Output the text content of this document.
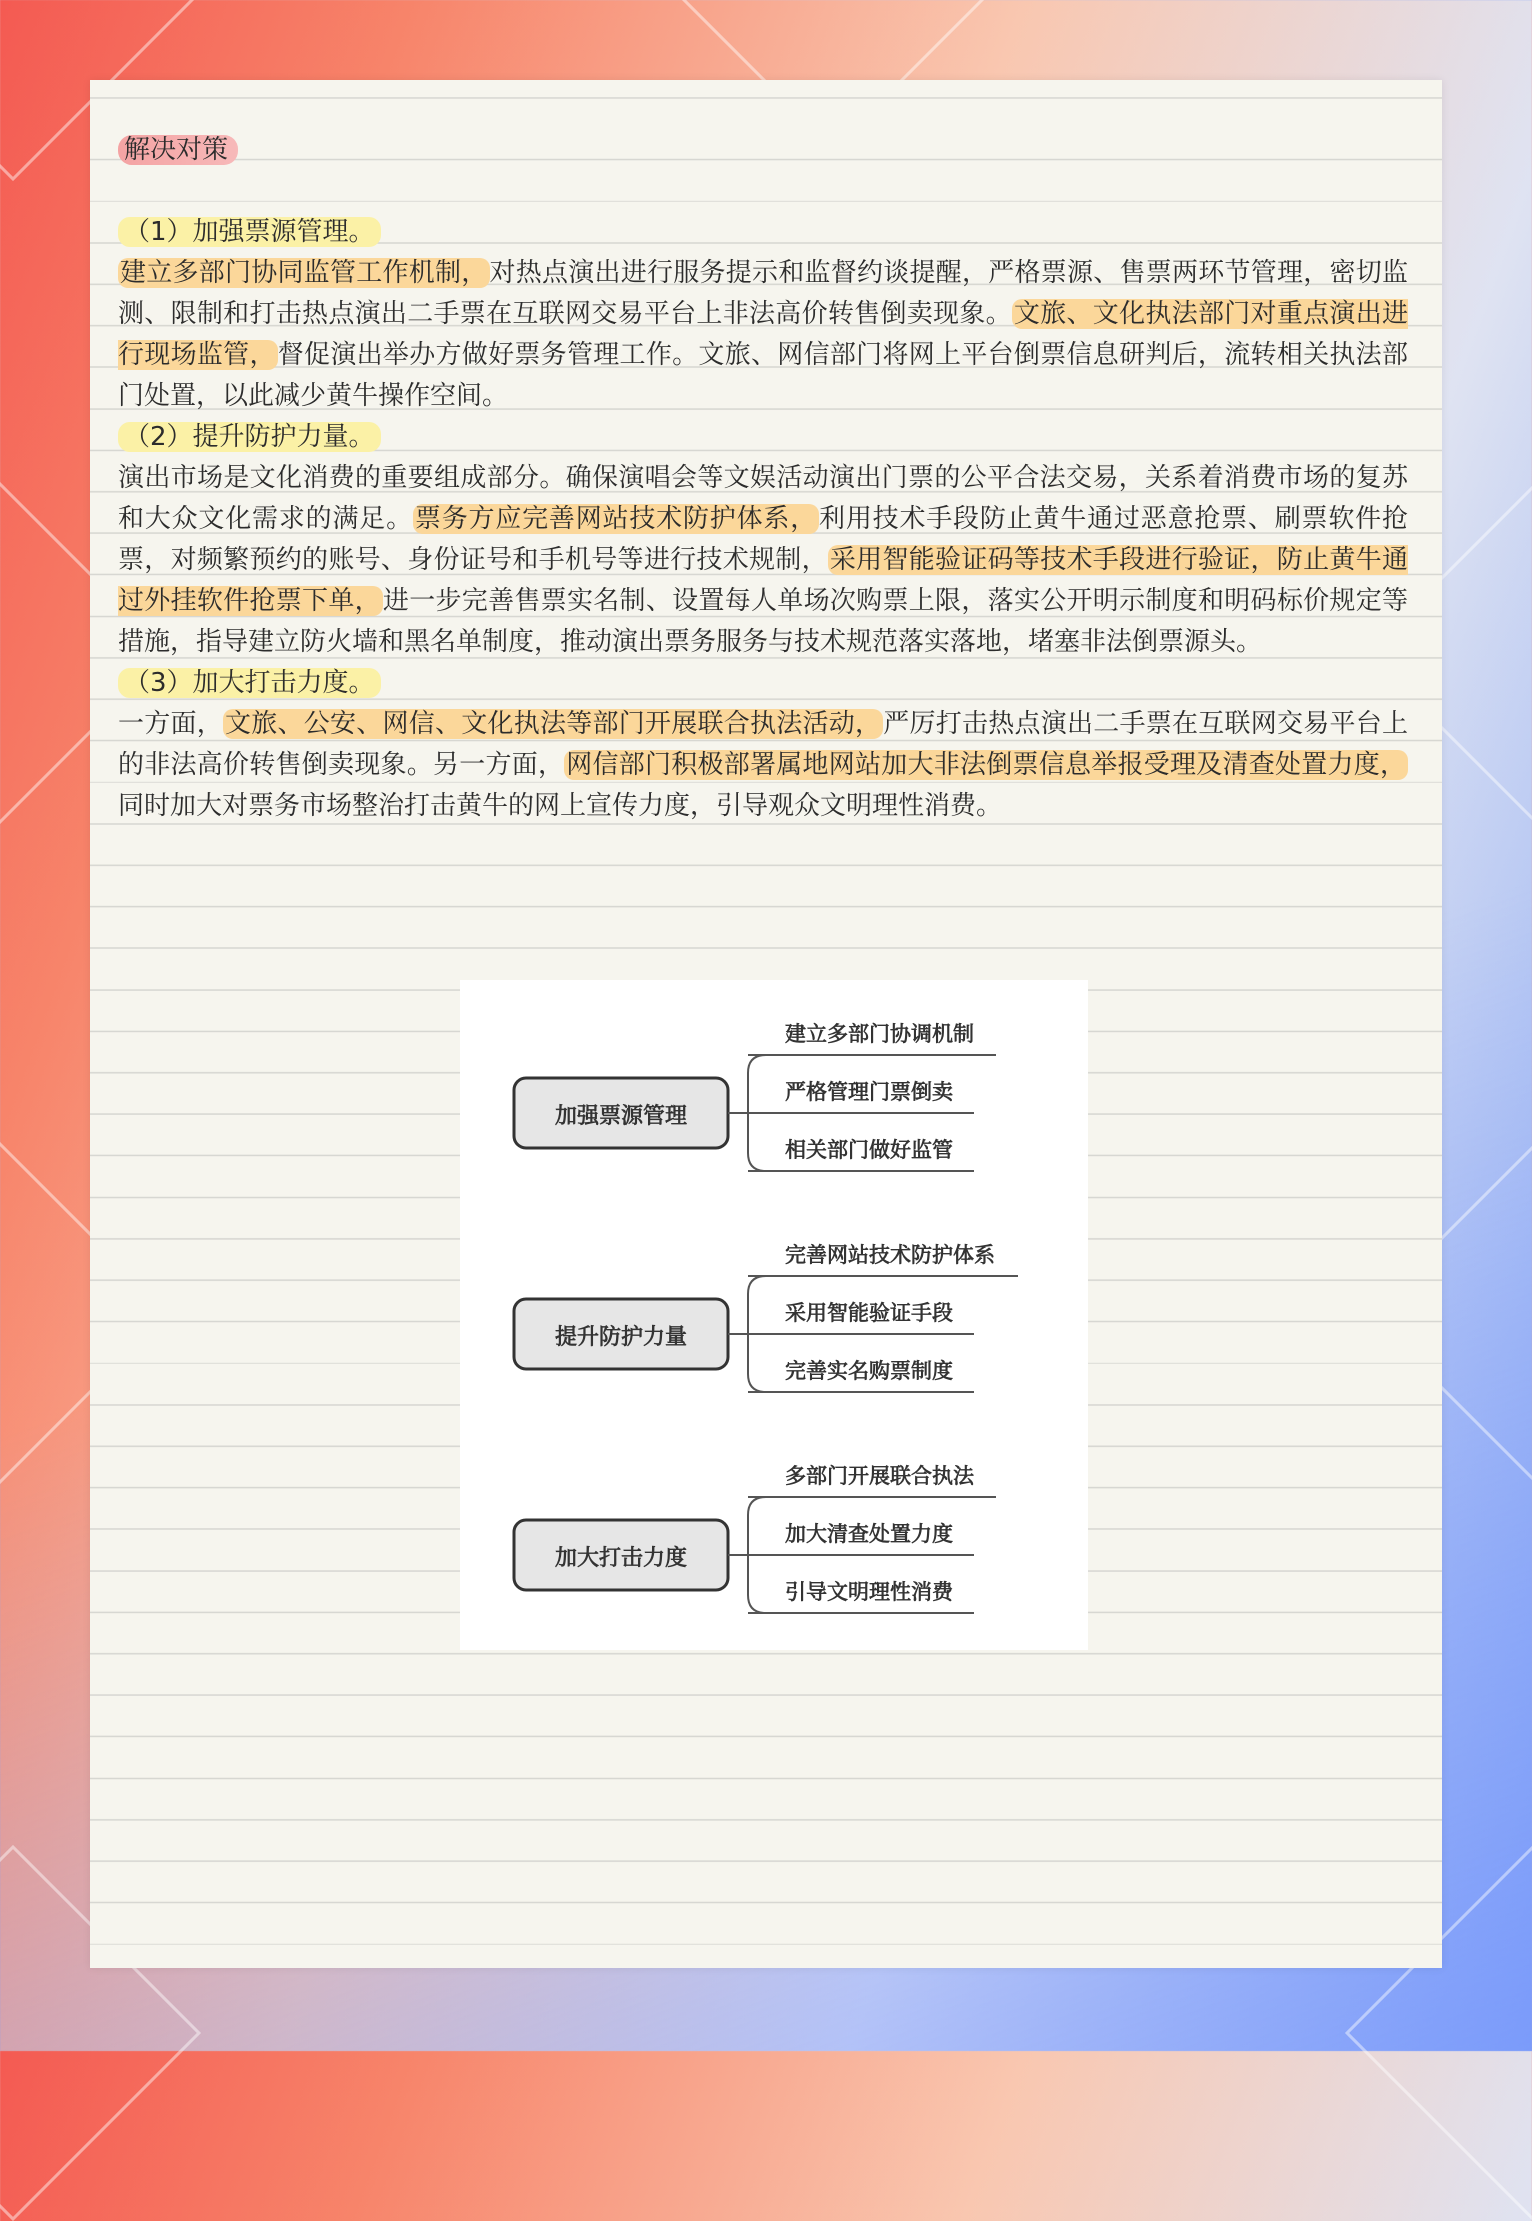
解决对策
（1）加强票源管理。
建立多部门协同监管工作机制，对热点演出进行服务提示和监督约谈提醒，严格票源、售票两环节管理，密切监测、限制和打击热点演出二手票在互联网交易平台上非法高价转售倒卖现象。文旅、文化执法部门对重点演出进行现场监管，督促演出举办方做好票务管理工作。文旅、网信部门将网上平台倒票信息研判后，流转相关执法部门处置，以此减少黄牛操作空间。
（2）提升防护力量。
演出市场是文化消费的重要组成部分。确保演唱会等文娱活动演出门票的公平合法交易，关系着消费市场的复苏和大众文化需求的满足。票务方应完善网站技术防护体系，利用技术手段防止黄牛通过恶意抢票、刷票软件抢票，对频繁预约的账号、身份证号和手机号等进行技术规制，采用智能验证码等技术手段进行验证，防止黄牛通过外挂软件抢票下单，进一步完善售票实名制、设置每人单场次购票上限，落实公开明示制度和明码标价规定等措施，指导建立防火墙和黑名单制度，推动演出票务服务与技术规范落实落地，堵塞非法倒票源头。
（3）加大打击力度。
一方面，文旅、公安、网信、文化执法等部门开展联合执法活动，严厉打击热点演出二手票在互联网交易平台上的非法高价转售倒卖现象。另一方面，网信部门积极部署属地网站加大非法倒票信息举报受理及清查处置力度，同时加大对票务市场整治打击黄牛的网上宣传力度，引导观众文明理性消费。
加强票源管理
建立多部门协调机制
严格管理门票倒卖
相关部门做好监管
提升防护力量
完善网站技术防护体系
采用智能验证手段
完善实名购票制度
加大打击力度
多部门开展联合执法
加大清查处置力度
引导文明理性消费
